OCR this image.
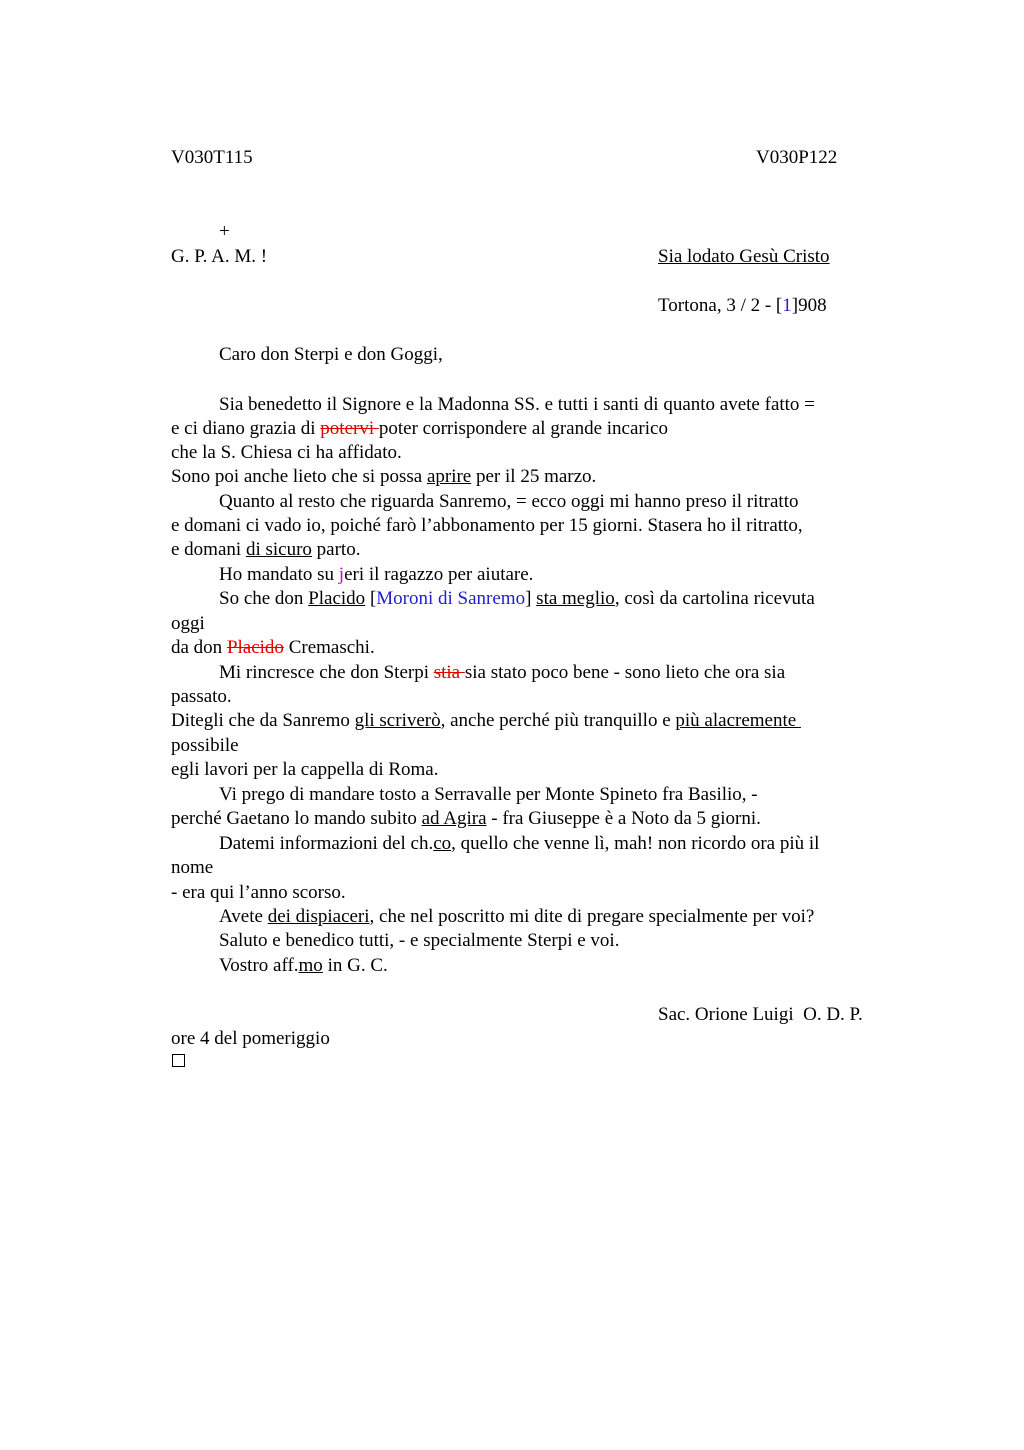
V030T115	V030P122
+
G. P. A. M. !	Sia lodato Gesù Cristo
Tortona, 3 / 2 - [1]908
Caro don Sterpi e don Goggi,
Sia benedetto il Signore e la Madonna SS. e tutti i santi di quanto avete fatto =
e ci diano grazia di potervi poter corrispondere al grande incarico
che la S. Chiesa ci ha affidato.
Sono poi anche lieto che si possa aprire per il 25 marzo.
Quanto al resto che riguarda Sanremo, = ecco oggi mi hanno preso il ritratto
e domani ci vado io, poiché farò l’abbonamento per 15 giorni. Stasera ho il ritratto,
e domani di sicuro parto.
Ho mandato su jeri il ragazzo per aiutare.
So che don Placido [Moroni di Sanremo] sta meglio, così da cartolina ricevuta
oggi
da don Placido Cremaschi.
Mi rincresce che don Sterpi stia sia stato poco bene - sono lieto che ora sia
passato.
Ditegli che da Sanremo gli scriverò, anche perché più tranquillo e più alacremente
possibile
egli lavori per la cappella di Roma.
Vi prego di mandare tosto a Serravalle per Monte Spineto fra Basilio, -
perché Gaetano lo mando subito ad Agira - fra Giuseppe è a Noto da 5 giorni.
Datemi informazioni del ch.co, quello che venne lì, mah! non ricordo ora più il
nome
- era qui l’anno scorso.
Avete dei dispiaceri, che nel poscritto mi dite di pregare specialmente per voi?
Saluto e benedico tutti, - e specialmente Sterpi e voi.
Vostro aff.mo in G. C.
Sac. Orione Luigi  O. D. P.
ore 4 del pomeriggio
